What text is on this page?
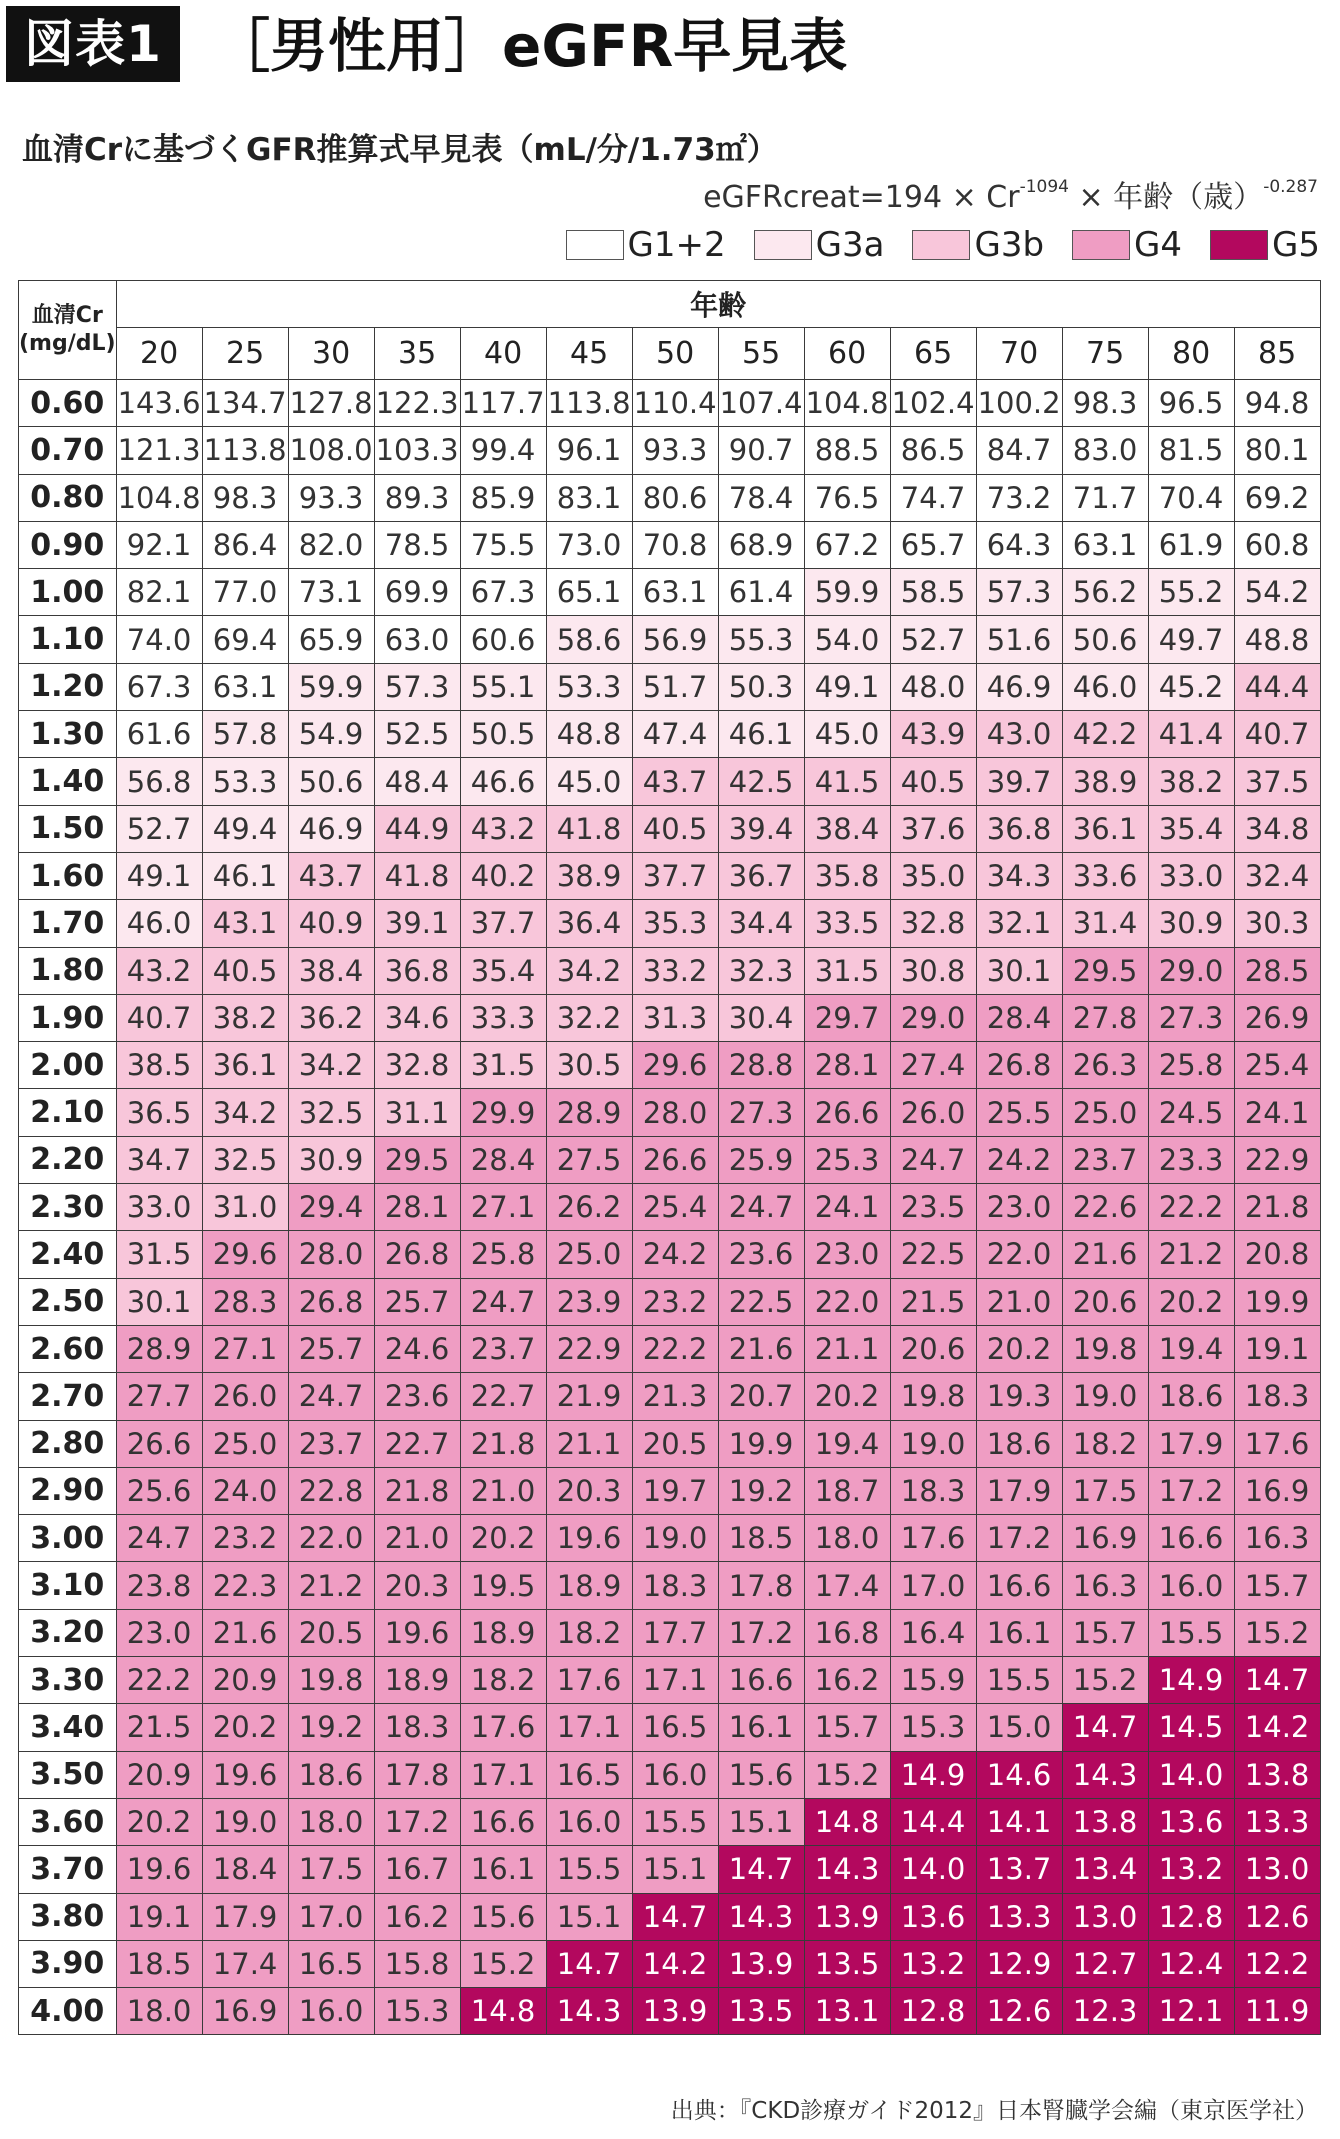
図表1 ［男性用］eGFR早見表
血清Crに基づくGFR推算式早見表（mL/分/1.73㎡）
eGFRcreat=194 × $Cr^{-1094}$ × 年齢（歳）$^{-0.287}$
G1+2	G3a	G3b	G4	G5
血清Cr
(mg/dL)	年齢													
	20	25	30	35	40	45	50	55	60	65	70	75	80	85
0.60	143.6	134.7	127.8	122.3	117.7	113.8	110.4	107.4	104.8	102.4	100.2	98.3	96.5	94.8
0.70	121.3	113.8	108.0	103.3	99.4	96.1	93.3	90.7	88.5	86.5	84.7	83.0	81.5	80.1
0.80	104.8	98.3	93.3	89.3	85.9	83.1	80.6	78.4	76.5	74.7	73.2	71.7	70.4	69.2
0.90	92.1	86.4	82.0	78.5	75.5	73.0	70.8	68.9	67.2	65.7	64.3	63.1	61.9	60.8
1.00	82.1	77.0	73.1	69.9	67.3	65.1	63.1	61.4	59.9	58.5	57.3	56.2	55.2	54.2
1.10	74.0	69.4	65.9	63.0	60.6	58.6	56.9	55.3	54.0	52.7	51.6	50.6	49.7	48.8
1.20	67.3	63.1	59.9	57.3	55.1	53.3	51.7	50.3	49.1	48.0	46.9	46.0	45.2	44.4
1.30	61.6	57.8	54.9	52.5	50.5	48.8	47.4	46.1	45.0	43.9	43.0	42.2	41.4	40.7
1.40	56.8	53.3	50.6	48.4	46.6	45.0	43.7	42.5	41.5	40.5	39.7	38.9	38.2	37.5
1.50	52.7	49.4	46.9	44.9	43.2	41.8	40.5	39.4	38.4	37.6	36.8	36.1	35.4	34.8
1.60	49.1	46.1	43.7	41.8	40.2	38.9	37.7	36.7	35.8	35.0	34.3	33.6	33.0	32.4
1.70	46.0	43.1	40.9	39.1	37.7	36.4	35.3	34.4	33.5	32.8	32.1	31.4	30.9	30.3
1.80	43.2	40.5	38.4	36.8	35.4	34.2	33.2	32.3	31.5	30.8	30.1	29.5	29.0	28.5
1.90	40.7	38.2	36.2	34.6	33.3	32.2	31.3	30.4	29.7	29.0	28.4	27.8	27.3	26.9
2.00	38.5	36.1	34.2	32.8	31.5	30.5	29.6	28.8	28.1	27.4	26.8	26.3	25.8	25.4
2.10	36.5	34.2	32.5	31.1	29.9	28.9	28.0	27.3	26.6	26.0	25.5	25.0	24.5	24.1
2.20	34.7	32.5	30.9	29.5	28.4	27.5	26.6	25.9	25.3	24.7	24.2	23.7	23.3	22.9
2.30	33.0	31.0	29.4	28.1	27.1	26.2	25.4	24.7	24.1	23.5	23.0	22.6	22.2	21.8
2.40	31.5	29.6	28.0	26.8	25.8	25.0	24.2	23.6	23.0	22.5	22.0	21.6	21.2	20.8
2.50	30.1	28.3	26.8	25.7	24.7	23.9	23.2	22.5	22.0	21.5	21.0	20.6	20.2	19.9
2.60	28.9	27.1	25.7	24.6	23.7	22.9	22.2	21.6	21.1	20.6	20.2	19.8	19.4	19.1
2.70	27.7	26.0	24.7	23.6	22.7	21.9	21.3	20.7	20.2	19.8	19.3	19.0	18.6	18.3
2.80	26.6	25.0	23.7	22.7	21.8	21.1	20.5	19.9	19.4	19.0	18.6	18.2	17.9	17.6
2.90	25.6	24.0	22.8	21.8	21.0	20.3	19.7	19.2	18.7	18.3	17.9	17.5	17.2	16.9
3.00	24.7	23.2	22.0	21.0	20.2	19.6	19.0	18.5	18.0	17.6	17.2	16.9	16.6	16.3
3.10	23.8	22.3	21.2	20.3	19.5	18.9	18.3	17.8	17.4	17.0	16.6	16.3	16.0	15.7
3.20	23.0	21.6	20.5	19.6	18.9	18.2	17.7	17.2	16.8	16.4	16.1	15.7	15.5	15.2
3.30	22.2	20.9	19.8	18.9	18.2	17.6	17.1	16.6	16.2	15.9	15.5	15.2	14.9	14.7
3.40	21.5	20.2	19.2	18.3	17.6	17.1	16.5	16.1	15.7	15.3	15.0	14.7	14.5	14.2
3.50	20.9	19.6	18.6	17.8	17.1	16.5	16.0	15.6	15.2	14.9	14.6	14.3	14.0	13.8
3.60	20.2	19.0	18.0	17.2	16.6	16.0	15.5	15.1	14.8	14.4	14.1	13.8	13.6	13.3
3.70	19.6	18.4	17.5	16.7	16.1	15.5	15.1	14.7	14.3	14.0	13.7	13.4	13.2	13.0
3.80	19.1	17.9	17.0	16.2	15.6	15.1	14.7	14.3	13.9	13.6	13.3	13.0	12.8	12.6
3.90	18.5	17.4	16.5	15.8	15.2	14.7	14.2	13.9	13.5	13.2	12.9	12.7	12.4	12.2
4.00	18.0	16.9	16.0	15.3	14.8	14.3	13.9	13.5	13.1	12.8	12.6	12.3	12.1	11.9
出典：『CKD診療ガイド2012』日本腎臓学会編（東京医学社）
